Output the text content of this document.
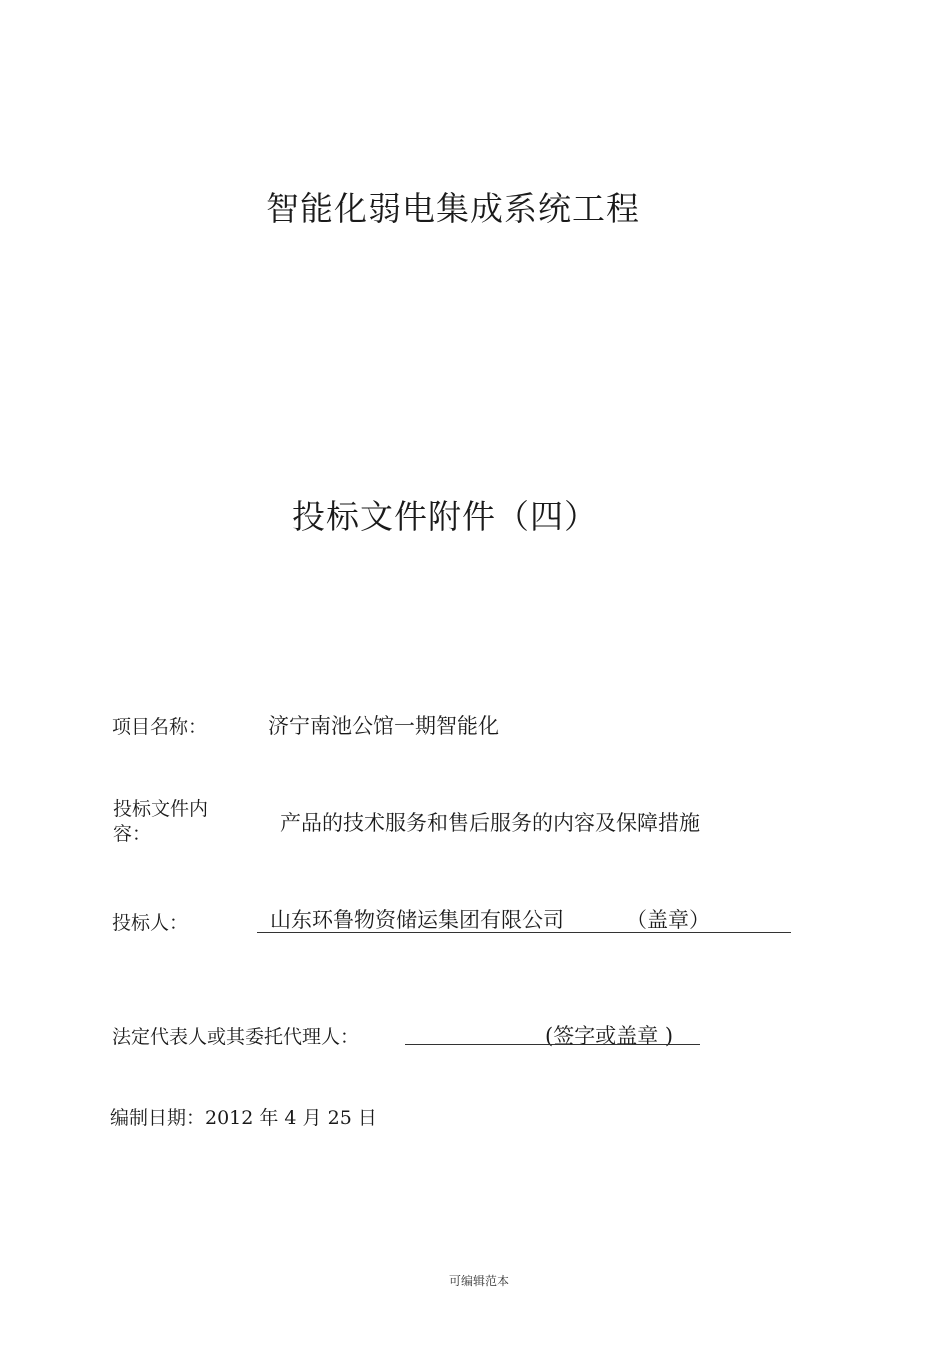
智能化弱电集成系统工程
投标文件附件（四）
项目名称：	济宁南池公馆一期智能化
投标文件内容：	产品的技术服务和售后服务的内容及保障措施
投标人：	山东环鲁物资储运集团有限公司	（盖章）
法定代表人或其委托代理人：	(签字或盖章 )
编制日期：2012 年 4 月 25 日
可编辑范本
